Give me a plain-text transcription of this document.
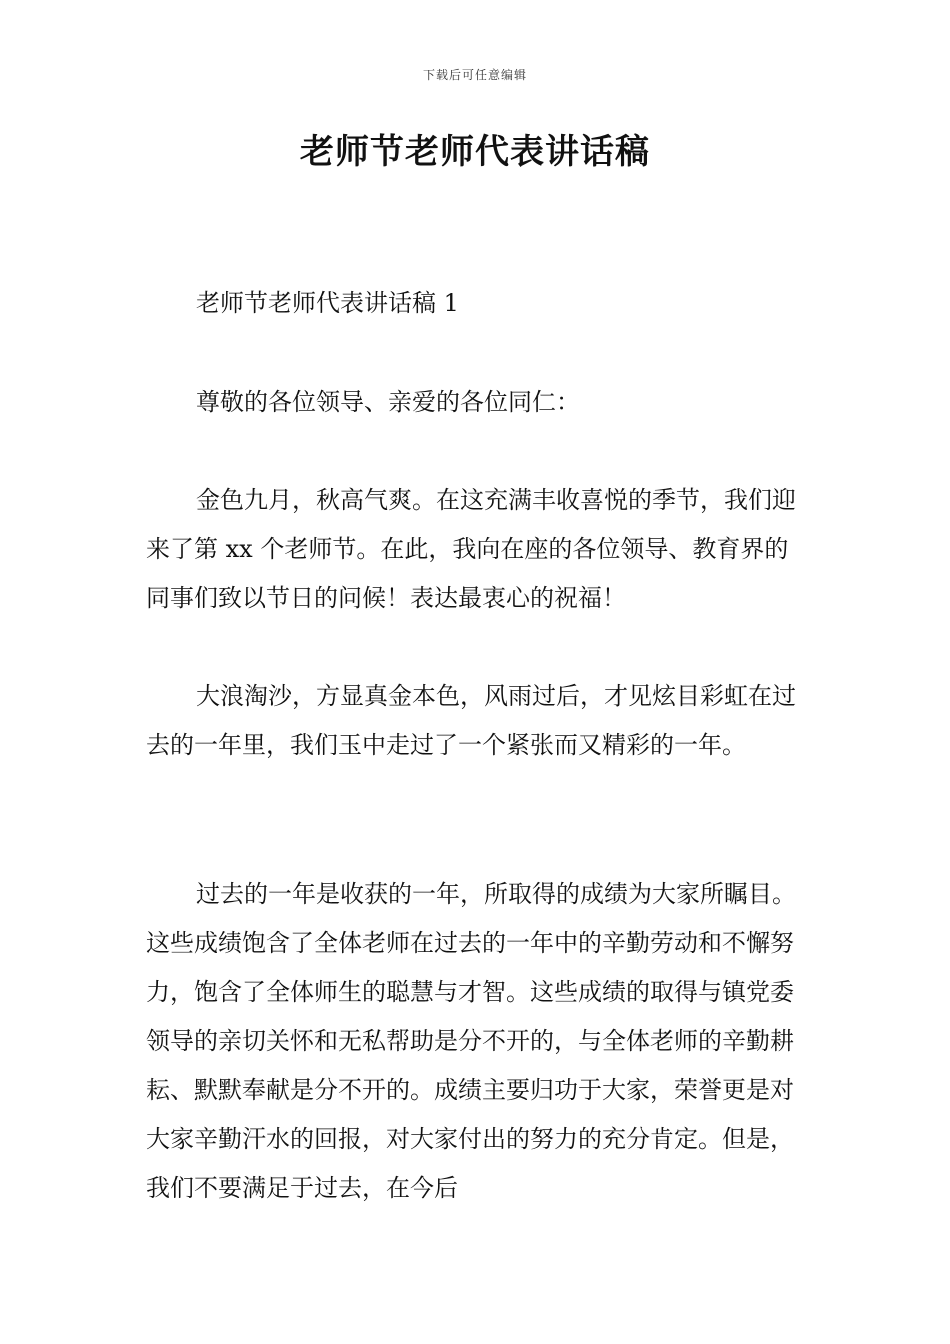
下载后可任意编辑
老师节老师代表讲话稿

老师节老师代表讲话稿 1

尊敬的各位领导、亲爱的各位同仁：

金色九月，秋高气爽。在这充满丰收喜悦的季节，我们迎来了第 xx 个老师节。在此，我向在座的各位领导、教育界的同事们致以节日的问候！表达最衷心的祝福！

大浪淘沙，方显真金本色，风雨过后，才见炫目彩虹在过去的一年里，我们玉中走过了一个紧张而又精彩的一年。

过去的一年是收获的一年，所取得的成绩为大家所瞩目。这些成绩饱含了全体老师在过去的一年中的辛勤劳动和不懈努力，饱含了全体师生的聪慧与才智。这些成绩的取得与镇党委领导的亲切关怀和无私帮助是分不开的，与全体老师的辛勤耕耘、默默奉献是分不开的。成绩主要归功于大家，荣誉更是对大家辛勤汗水的回报，对大家付出的努力的充分肯定。但是，我们不要满足于过去，在今后
